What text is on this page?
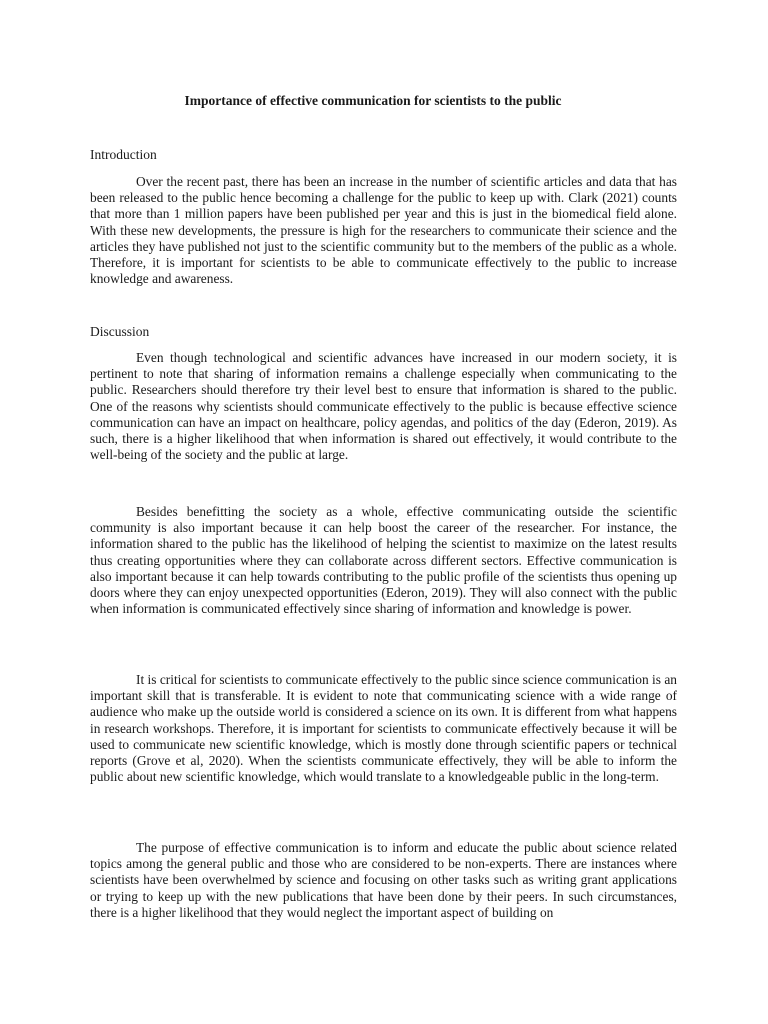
Importance of effective communication for scientists to the public
Introduction

Over the recent past, there has been an increase in the number of scientific articles and data that has been released to the public hence becoming a challenge for the public to keep up with. Clark (2021) counts that more than 1 million papers have been published per year and this is just in the biomedical field alone. With these new developments, the pressure is high for the researchers to communicate their science and the articles they have published not just to the scientific community but to the members of the public as a whole. Therefore, it is important for scientists to be able to communicate effectively to the public to increase knowledge and awareness.

Discussion

Even though technological and scientific advances have increased in our modern society, it is pertinent to note that sharing of information remains a challenge especially when communicating to the public. Researchers should therefore try their level best to ensure that information is shared to the public. One of the reasons why scientists should communicate effectively to the public is because effective science communication can have an impact on healthcare, policy agendas, and politics of the day (Ederon, 2019). As such, there is a higher likelihood that when information is shared out effectively, it would contribute to the well-being of the society and the public at large.

Besides benefitting the society as a whole, effective communicating outside the scientific community is also important because it can help boost the career of the researcher. For instance, the information shared to the public has the likelihood of helping the scientist to maximize on the latest results thus creating opportunities where they can collaborate across different sectors. Effective communication is also important because it can help towards contributing to the public profile of the scientists thus opening up doors where they can enjoy unexpected opportunities (Ederon, 2019). They will also connect with the public when information is communicated effectively since sharing of information and knowledge is power.

It is critical for scientists to communicate effectively to the public since science communication is an important skill that is transferable. It is evident to note that communicating science with a wide range of audience who make up the outside world is considered a science on its own. It is different from what happens in research workshops. Therefore, it is important for scientists to communicate effectively because it will be used to communicate new scientific knowledge, which is mostly done through scientific papers or technical reports (Grove et al, 2020). When the scientists communicate effectively, they will be able to inform the public about new scientific knowledge, which would translate to a knowledgeable public in the long-term.

The purpose of effective communication is to inform and educate the public about science related topics among the general public and those who are considered to be non-experts. There are instances where scientists have been overwhelmed by science and focusing on other tasks such as writing grant applications or trying to keep up with the new publications that have been done by their peers. In such circumstances, there is a higher likelihood that they would neglect the important aspect of building on
